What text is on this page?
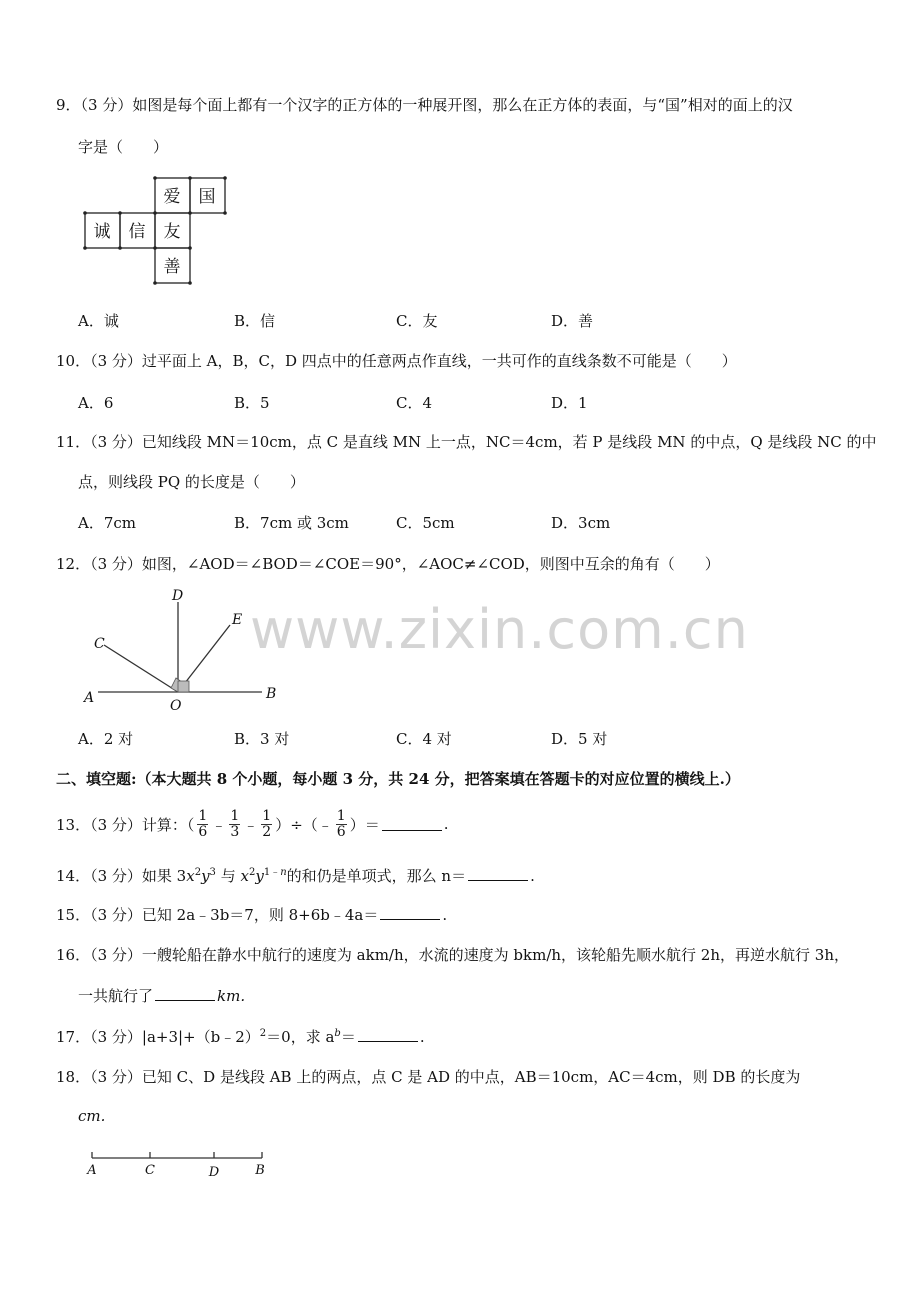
www.zixin.com.cn
9．（3 分）如图是每个面上都有一个汉字的正方体的一种展开图，那么在正方体的表面，与“国”相对的面上的汉
字是（　　）
爱 国
诚 信 友
善
A．诚	B．信	C．友	D．善
10．（3 分）过平面上 A，B，C，D 四点中的任意两点作直线，一共可作的直线条数不可能是（　　）
A．6	B．5	C．4	D．1
11．（3 分）已知线段 MN＝10cm，点 C 是直线 MN 上一点，NC＝4cm，若 P 是线段 MN 的中点，Q 是线段 NC 的中
点，则线段 PQ 的长度是（　　）
A．7cm	B．7cm 或 3cm	C．5cm	D．3cm
12．（3 分）如图，∠AOD＝∠BOD＝∠COE＝90°，∠AOC≠∠COD，则图中互余的角有（　　）
D
E
C
A	O
B
A．2 对	B．3 对	C．4 对	D．5 对
二、填空题:（本大题共 8 个小题，每小题 3 分，共 24 分，把答案填在答题卡的对应位置的横线上.）
13．（3 分）计算：（ $\frac{1}{6}$ ﹣ $\frac{1}{3}$ ﹣ $\frac{1}{2}$ ）÷（﹣ $\frac{1}{6}$ ）＝	.
14．（3 分）如果 $3x^2y^3$ 与 $x^2y^{1﹣n}$的和仍是单项式，那么 n＝	.
15．（3 分）已知 2a﹣3b＝7，则 8+6b﹣4a＝	.
16．（3 分）一艘轮船在静水中航行的速度为 akm/h，水流的速度为 bkm/h，该轮船先顺水航行 2h，再逆水航行 3h，
一共航行了	km.
17．（3 分）|a+3|+（b﹣2）$^2$＝0，求 $a^b=$	.
18．（3 分）已知 C、D 是线段 AB 上的两点，点 C 是 AD 的中点，AB＝10cm，AC＝4cm，则 DB 的长度为
cm.
A	C	D	B
